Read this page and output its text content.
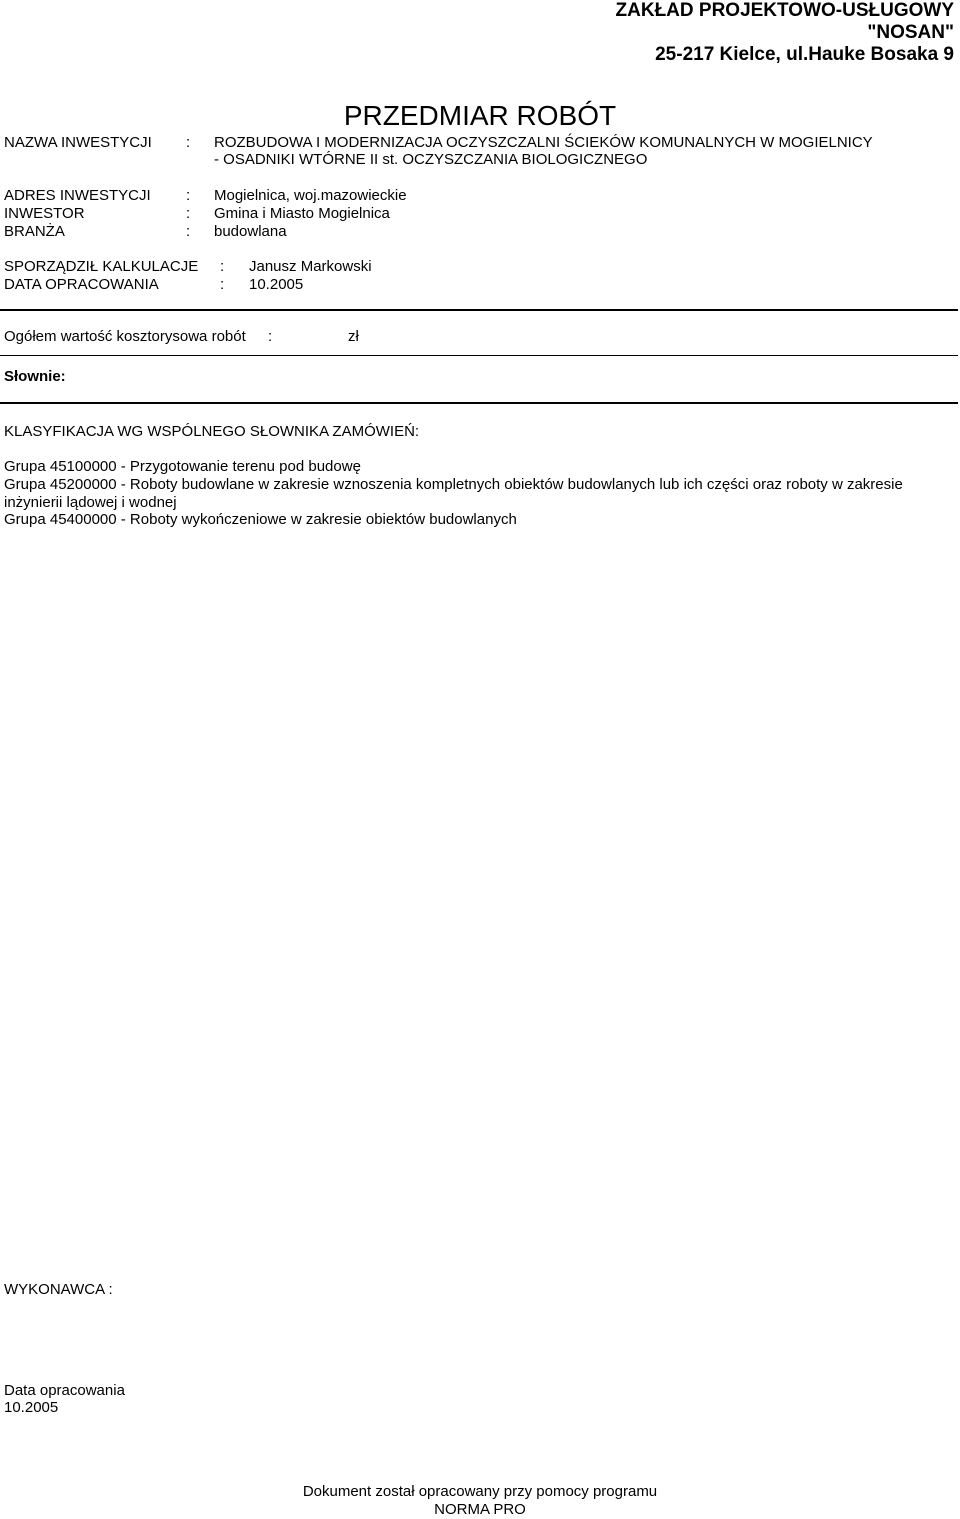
ZAKŁAD PROJEKTOWO-USŁUGOWY
"NOSAN"
25-217 Kielce, ul.Hauke Bosaka 9
PRZEDMIAR ROBÓT
NAZWA INWESTYCJI : ROZBUDOWA I MODERNIZACJA OCZYSZCZALNI ŚCIEKÓW KOMUNALNYCH W MOGIELNICY
- OSADNIKI WTÓRNE II st. OCZYSZCZANIA BIOLOGICZNEGO
ADRES INWESTYCJI : Mogielnica, woj.mazowieckie
INWESTOR	: Gmina i Miasto Mogielnica
BRANŻA	: budowlana
SPORZĄDZIŁ KALKULACJE : Janusz Markowski
DATA OPRACOWANIA	: 10.2005
Ogółem wartość kosztorysowa robót :	zł
Słownie:
KLASYFIKACJA WG WSPÓLNEGO SŁOWNIKA ZAMÓWIEŃ:
Grupa 45100000 - Przygotowanie terenu pod budowę
Grupa 45200000 - Roboty budowlane w zakresie wznoszenia kompletnych obiektów budowlanych lub ich części oraz roboty w zakresie
inżynierii lądowej i wodnej
Grupa 45400000 - Roboty wykończeniowe w zakresie obiektów budowlanych
WYKONAWCA :
Data opracowania
10.2005
Dokument został opracowany przy pomocy programu
NORMA PRO
